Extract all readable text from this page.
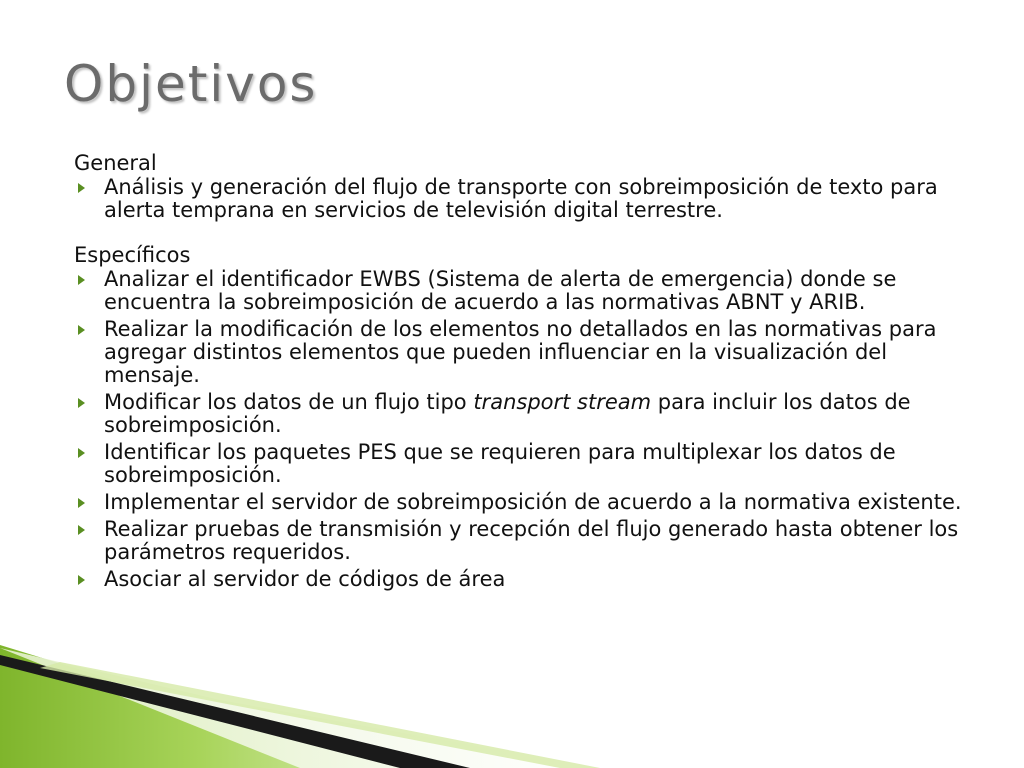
Objetivos

General

Análisis y generación del flujo de transporte con sobreimposición de texto para alerta temprana en servicios de televisión digital terrestre.

Específicos

Analizar el identificador EWBS (Sistema de alerta de emergencia) donde se encuentra la sobreimposición de acuerdo a las normativas ABNT y ARIB.
Realizar la modificación de los elementos no detallados en las normativas para agregar distintos elementos que pueden influenciar en la visualización del mensaje.
Modificar los datos de un flujo tipo transport stream para incluir los datos de sobreimposición.
Identificar los paquetes PES que se requieren para multiplexar los datos de sobreimposición.
Implementar el servidor de sobreimposición de acuerdo a la normativa existente.
Realizar pruebas de transmisión y recepción del flujo generado hasta obtener los parámetros requeridos.
Asociar al servidor de códigos de área
